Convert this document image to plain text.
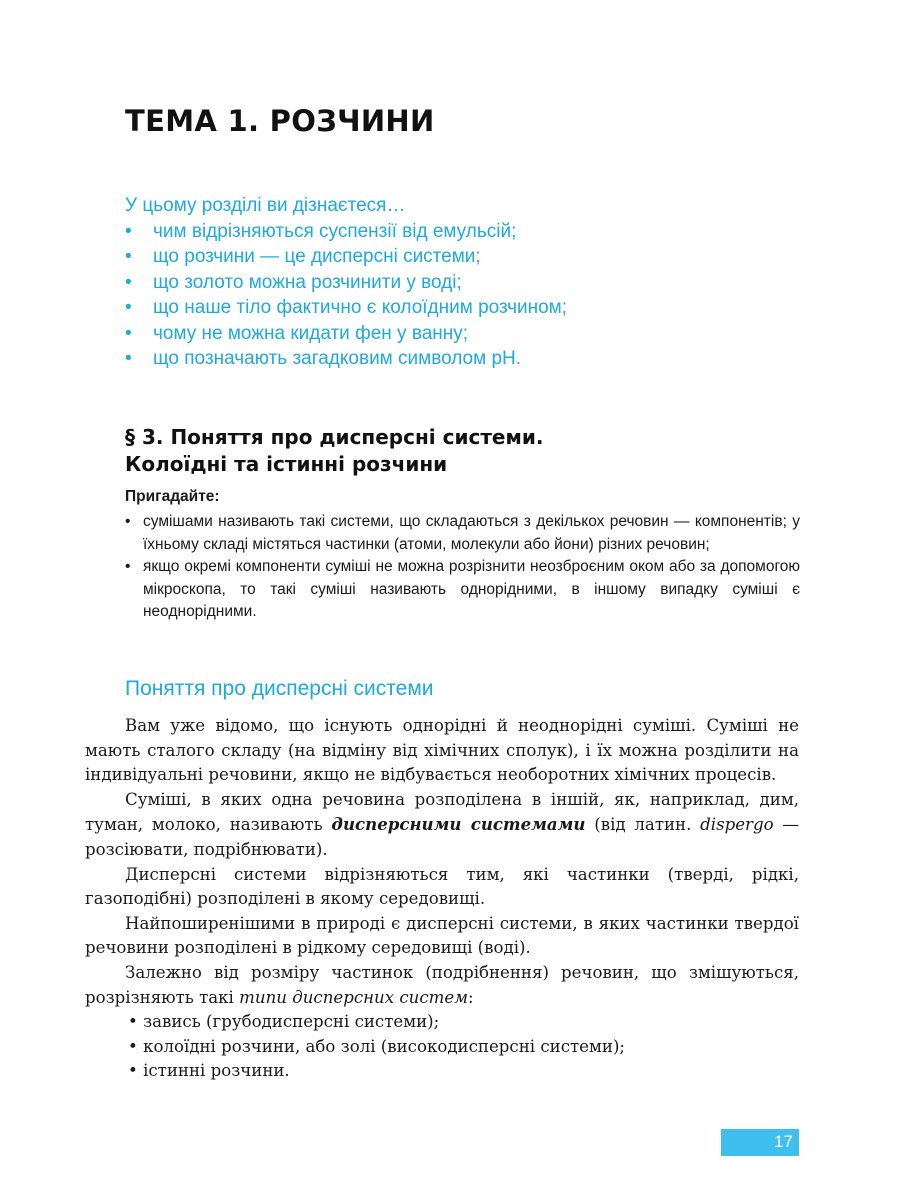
ТЕМА 1. РОЗЧИНИ

У цьому розділі ви дізнаєтеся…

• чим відрізняються суспензії від емульсій;
• що розчини — це дисперсні системи;
• що золото можна розчинити у воді;
• що наше тіло фактично є колоїдним розчином;
• чому не можна кидати фен у ванну;
• що позначають загадковим символом pH.
§ 3. Поняття про дисперсні системи.
Колоїдні та істинні розчини

Пригадайте:

• сумішами називають такі системи, що складаються з декількох речовин — компонентів; у їхньому складі містяться частинки (атоми, молекули або йони) різних речовин;
• якщо окремі компоненти суміші не можна розрізнити неозброєним оком або за допомогою мікроскопа, то такі суміші називають однорідними, в іншому випадку суміші є неоднорідними.
Поняття про дисперсні системи

Вам уже відомо, що існують однорідні й неоднорідні суміші. Суміші не мають сталого складу (на відміну від хімічних сполук), і їх можна розділити на індивідуальні речовини, якщо не відбувається необоротних хімічних процесів.

Суміші, в яких одна речовина розподілена в іншій, як, наприклад, дим, туман, молоко, називають дисперсними системами (від латин. dispergo — розсіювати, подрібнювати).

Дисперсні системи відрізняються тим, які частинки (тверді, рідкі, газоподібні) розподілені в якому середовищі.

Найпоширенішими в природі є дисперсні системи, в яких частинки твердої речовини розподілені в рідкому середовищі (воді).

Залежно від розміру частинок (подрібнення) речовин, що змішуються, розрізняють такі типи дисперсних систем:

• завись (грубодисперсні системи);
• колоїдні розчини, або золі (високодисперсні системи);
• істинні розчини.
17
